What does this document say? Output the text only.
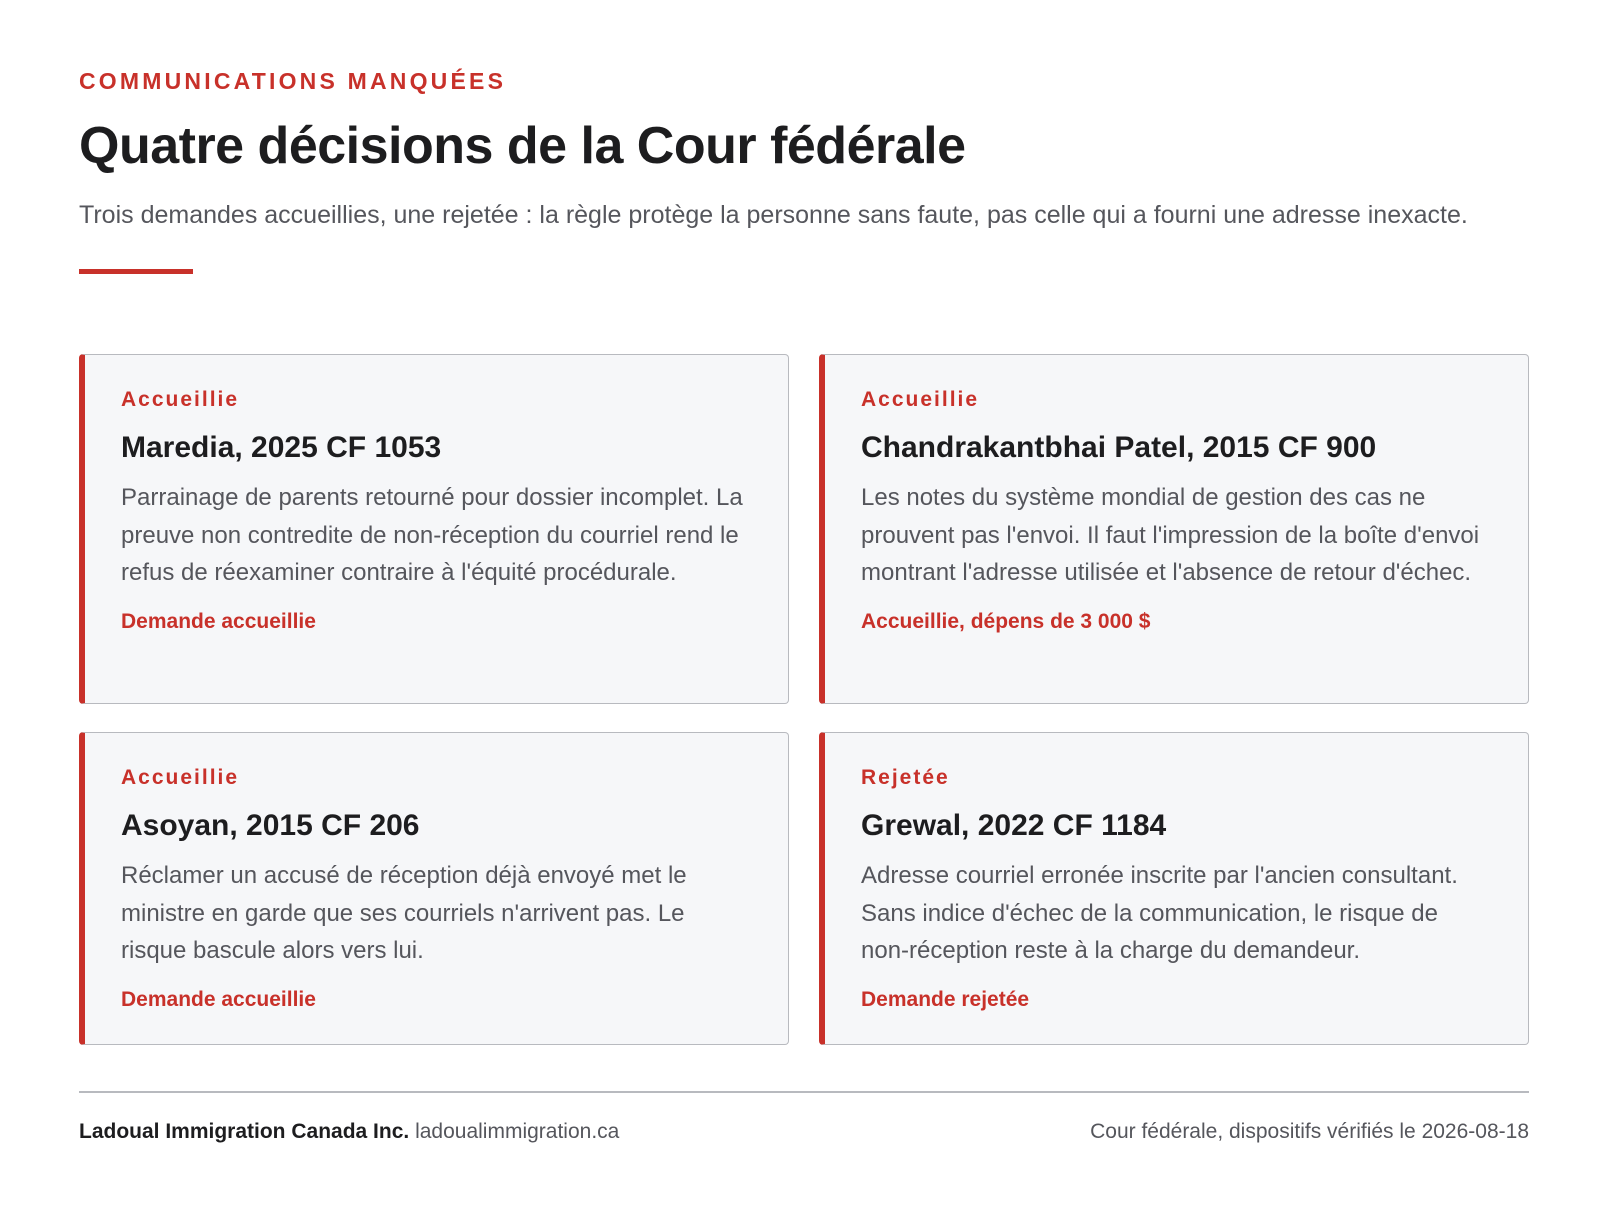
COMMUNICATIONS MANQUÉES
Quatre décisions de la Cour fédérale

Trois demandes accueillies, une rejetée : la règle protège la personne sans faute, pas celle qui a fourni une adresse inexacte.

Accueillie
Maredia, 2025 CF 1053
Parrainage de parents retourné pour dossier incomplet. La preuve non contredite de non-réception du courriel rend le refus de réexaminer contraire à l'équité procédurale.
Demande accueillie
Accueillie
Chandrakantbhai Patel, 2015 CF 900
Les notes du système mondial de gestion des cas ne prouvent pas l'envoi. Il faut l'impression de la boîte d'envoi montrant l'adresse utilisée et l'absence de retour d'échec.
Accueillie, dépens de 3 000 $
Accueillie
Asoyan, 2015 CF 206
Réclamer un accusé de réception déjà envoyé met le ministre en garde que ses courriels n'arrivent pas. Le risque bascule alors vers lui.
Demande accueillie
Rejetée
Grewal, 2022 CF 1184
Adresse courriel erronée inscrite par l'ancien consultant. Sans indice d'échec de la communication, le risque de non-réception reste à la charge du demandeur.
Demande rejetée
Ladoual Immigration Canada Inc. ladoualimmigration.ca	Cour fédérale, dispositifs vérifiés le 2026-08-18
